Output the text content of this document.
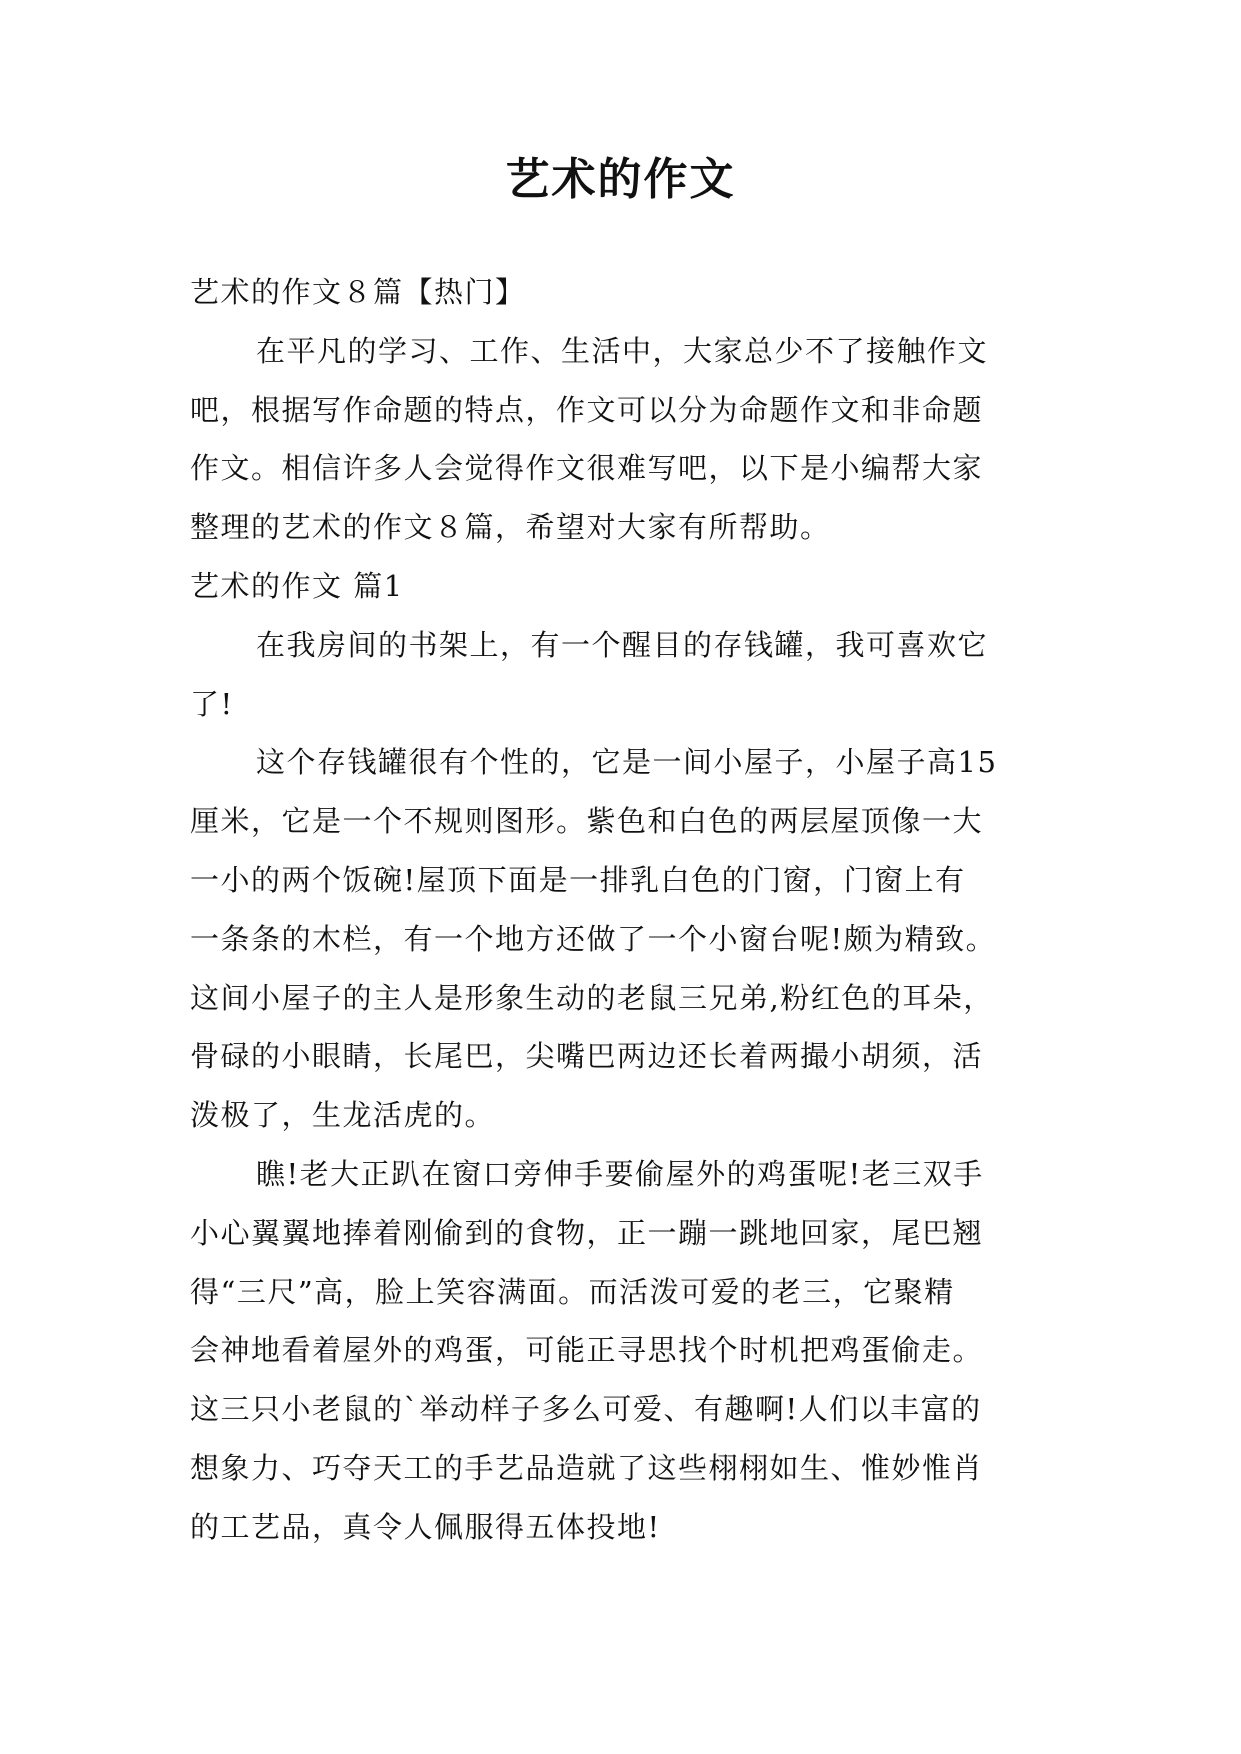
艺术的作文
艺术的作文８篇【热门】
在平凡的学习、工作、生活中，大家总少不了接触作文
吧，根据写作命题的特点，作文可以分为命题作文和非命题
作文。相信许多人会觉得作文很难写吧，以下是小编帮大家
整理的艺术的作文８篇，希望对大家有所帮助。
艺术的作文 篇1
在我房间的书架上，有一个醒目的存钱罐，我可喜欢它
了!
这个存钱罐很有个性的，它是一间小屋子，小屋子高15
厘米，它是一个不规则图形。紫色和白色的两层屋顶像一大
一小的两个饭碗!屋顶下面是一排乳白色的门窗，门窗上有
一条条的木栏，有一个地方还做了一个小窗台呢!颇为精致。
这间小屋子的主人是形象生动的老鼠三兄弟,粉红色的耳朵，
骨碌的小眼睛，长尾巴，尖嘴巴两边还长着两撮小胡须，活
泼极了，生龙活虎的。
瞧!老大正趴在窗口旁伸手要偷屋外的鸡蛋呢!老三双手
小心翼翼地捧着刚偷到的食物，正一蹦一跳地回家，尾巴翘
得“三尺”高，脸上笑容满面。而活泼可爱的老三，它聚精
会神地看着屋外的鸡蛋，可能正寻思找个时机把鸡蛋偷走。
这三只小老鼠的`举动样子多么可爱、有趣啊!人们以丰富的
想象力、巧夺天工的手艺品造就了这些栩栩如生、惟妙惟肖
的工艺品，真令人佩服得五体投地!
